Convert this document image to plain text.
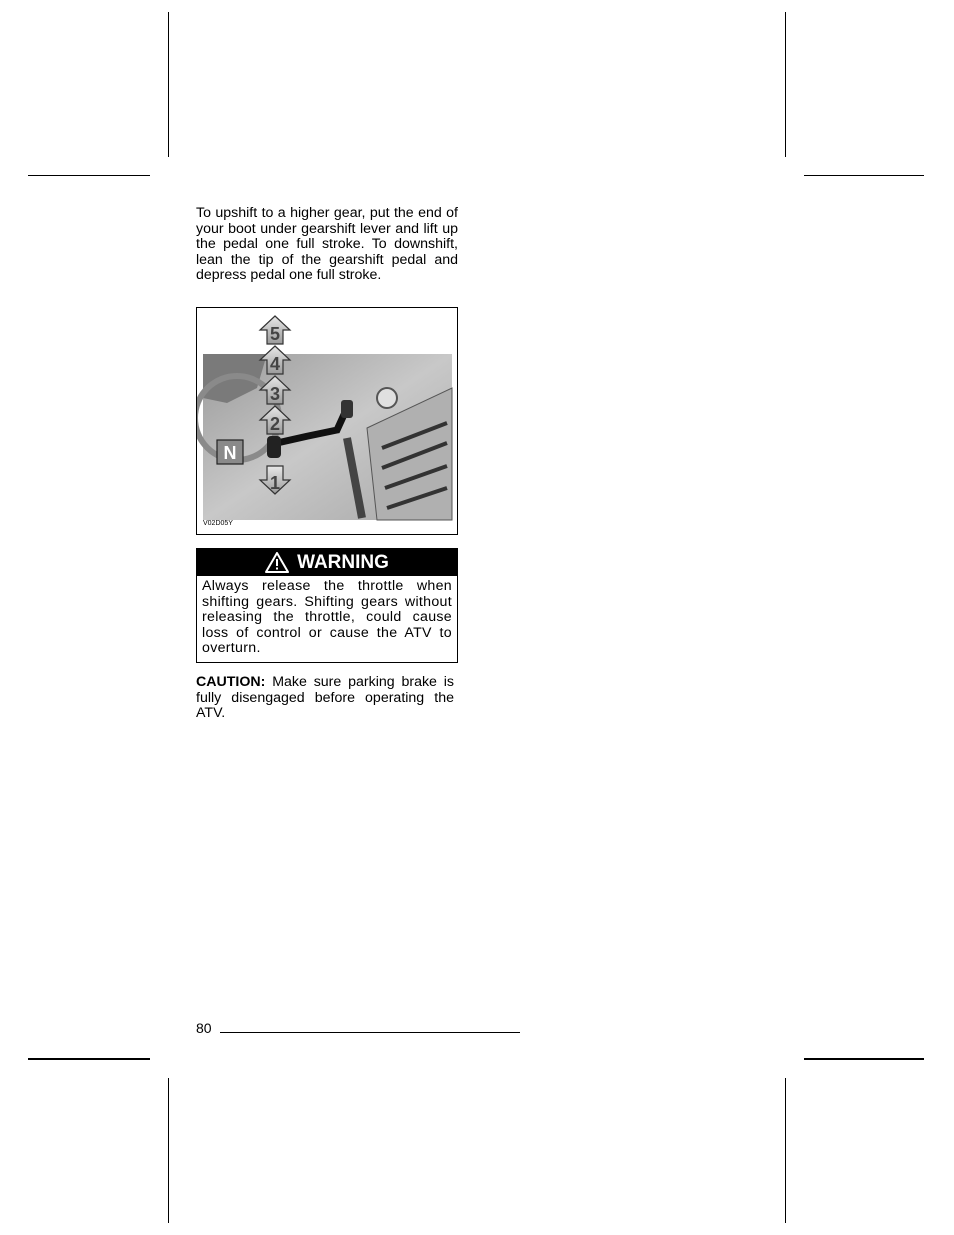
To upshift to a higher gear, put the end of your boot under gearshift lever and lift up the pedal one full stroke. To downshift, lean the tip of the gearshift pedal and depress pedal one full stroke.

5
4
3
2
N
1
V02D05Y
WARNING
Always release the throttle when shifting gears. Shifting gears without releasing the throttle, could cause loss of control or cause the ATV to overturn.

CAUTION: Make sure parking brake is fully disengaged before operating the ATV.

80
